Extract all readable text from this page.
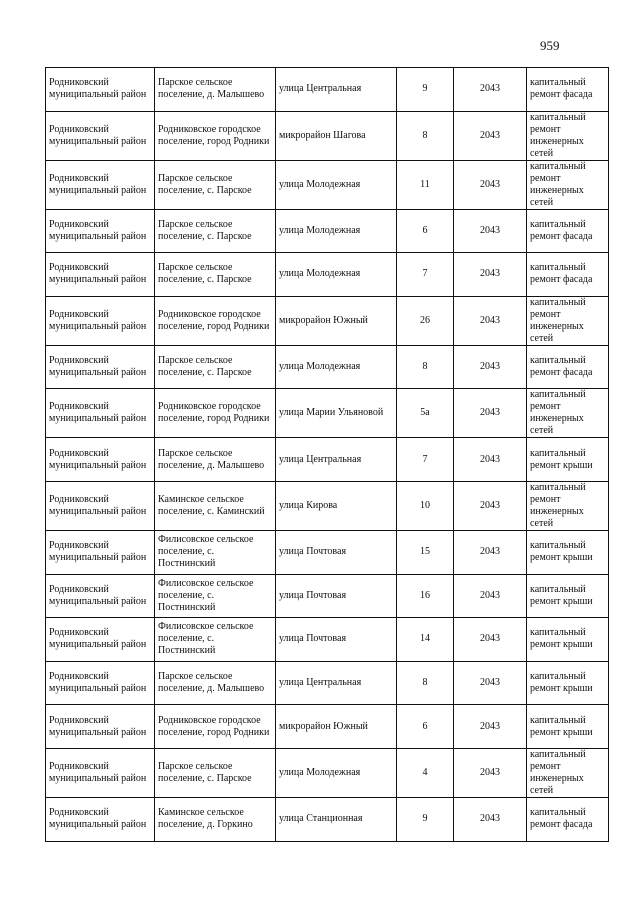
959
Родниковский муниципальный район	Парское сельское поселение, д. Малышево	улица Центральная	9	2043	капитальный ремонт фасада
Родниковский муниципальный район	Родниковское городское поселение, город Родники	микрорайон Шагова	8	2043	капитальный ремонт инженерных сетей
Родниковский муниципальный район	Парское сельское поселение, с. Парское	улица Молодежная	11	2043	капитальный ремонт инженерных сетей
Родниковский муниципальный район	Парское сельское поселение, с. Парское	улица Молодежная	6	2043	капитальный ремонт фасада
Родниковский муниципальный район	Парское сельское поселение, с. Парское	улица Молодежная	7	2043	капитальный ремонт фасада
Родниковский муниципальный район	Родниковское городское поселение, город Родники	микрорайон Южный	26	2043	капитальный ремонт инженерных сетей
Родниковский муниципальный район	Парское сельское поселение, с. Парское	улица Молодежная	8	2043	капитальный ремонт фасада
Родниковский муниципальный район	Родниковское городское поселение, город Родники	улица Марии Ульяновой	5а	2043	капитальный ремонт инженерных сетей
Родниковский муниципальный район	Парское сельское поселение, д. Малышево	улица Центральная	7	2043	капитальный ремонт крыши
Родниковский муниципальный район	Каминское сельское поселение, с. Каминский	улица Кирова	10	2043	капитальный ремонт инженерных сетей
Родниковский муниципальный район	Филисовское сельское поселение, с. Постнинский	улица Почтовая	15	2043	капитальный ремонт крыши
Родниковский муниципальный район	Филисовское сельское поселение, с. Постнинский	улица Почтовая	16	2043	капитальный ремонт крыши
Родниковский муниципальный район	Филисовское сельское поселение, с. Постнинский	улица Почтовая	14	2043	капитальный ремонт крыши
Родниковский муниципальный район	Парское сельское поселение, д. Малышево	улица Центральная	8	2043	капитальный ремонт крыши
Родниковский муниципальный район	Родниковское городское поселение, город Родники	микрорайон Южный	6	2043	капитальный ремонт крыши
Родниковский муниципальный район	Парское сельское поселение, с. Парское	улица Молодежная	4	2043	капитальный ремонт инженерных сетей
Родниковский муниципальный район	Каминское сельское поселение, д. Горкино	улица Станционная	9	2043	капитальный ремонт фасада
